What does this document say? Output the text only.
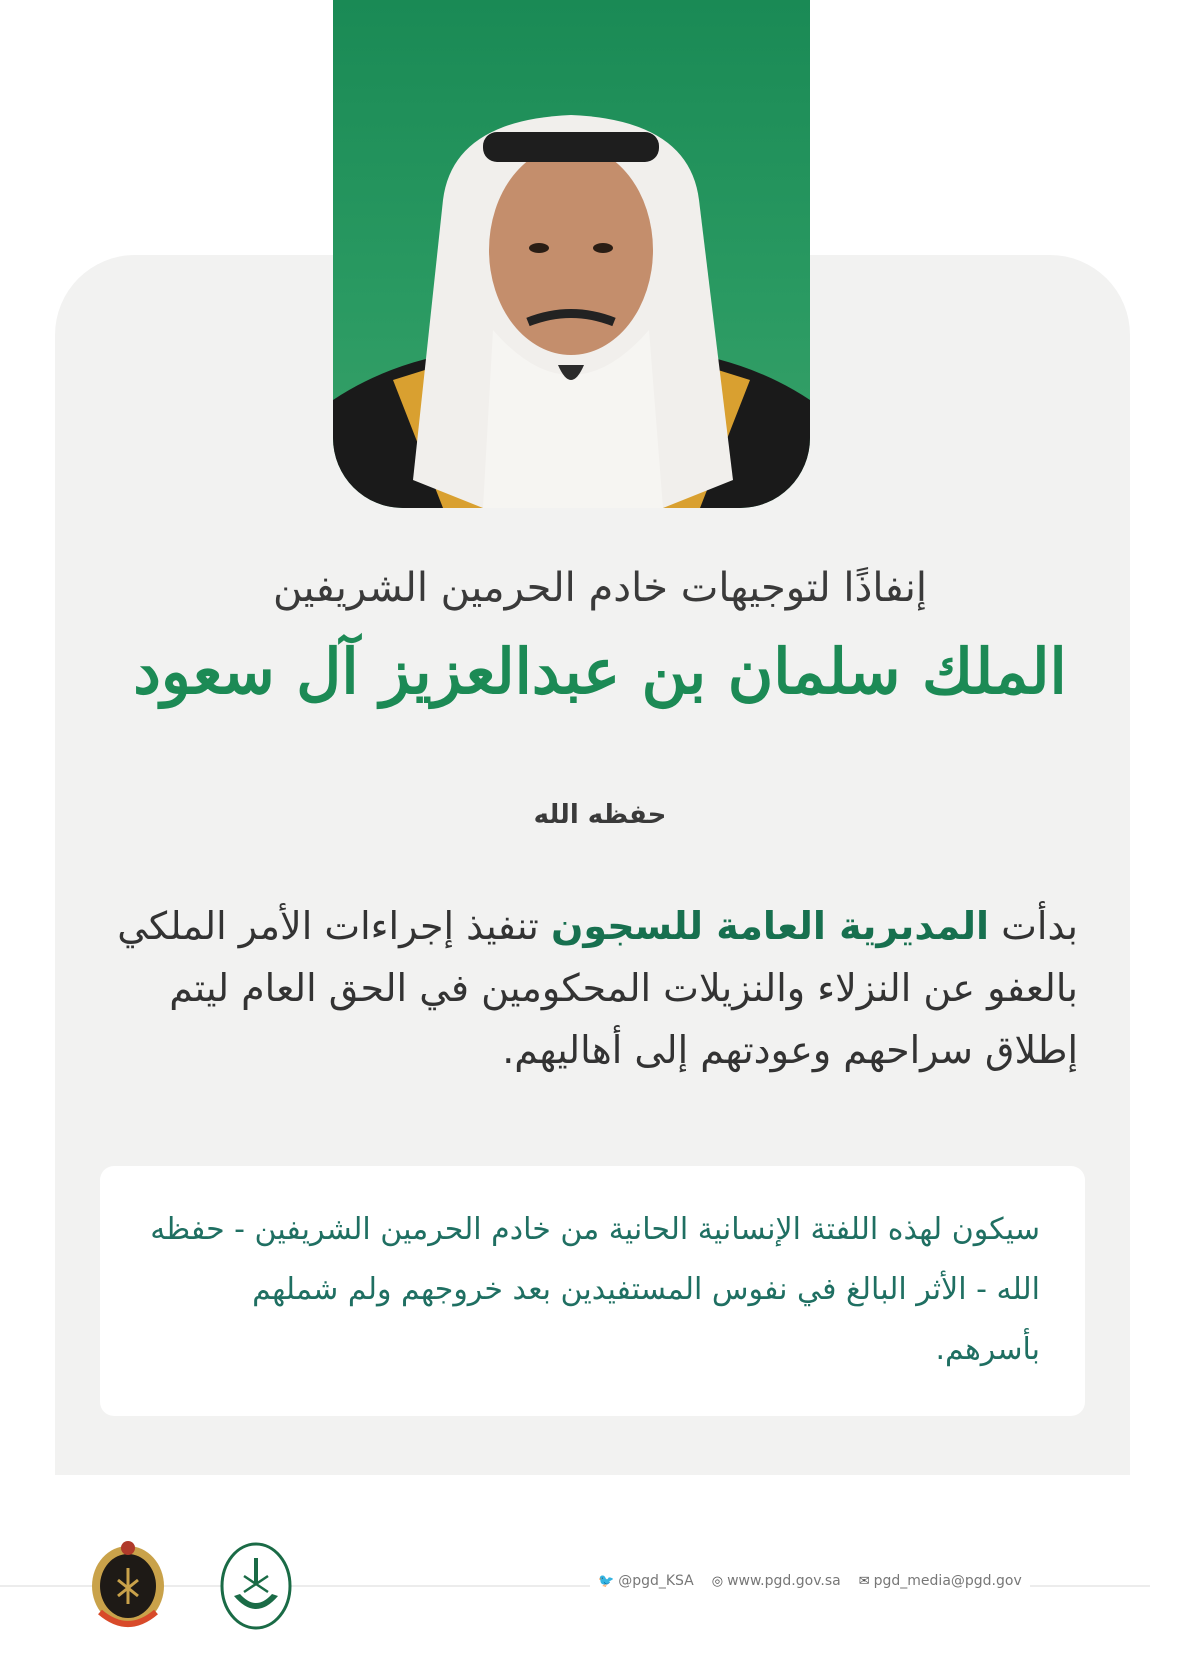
إنفاذًا لتوجيهات خادم الحرمين الشريفين
الملك سلمان بن عبدالعزيز آل سعود
حفظه الله
بدأت المديرية العامة للسجون تنفيذ إجراءات الأمر الملكي بالعفو عن النزلاء والنزيلات المحكومين في الحق العام ليتم إطلاق سراحهم وعودتهم إلى أهاليهم.

سيكون لهذه اللفتة الإنسانية الحانية من خادم الحرمين الشريفين - حفظه الله - الأثر البالغ في نفوس المستفيدين بعد خروجهم ولم شملهم بأسرهم.

🐦 @pgd_KSA ◎ www.pgd.gov.sa ✉ pgd_media@pgd.gov
